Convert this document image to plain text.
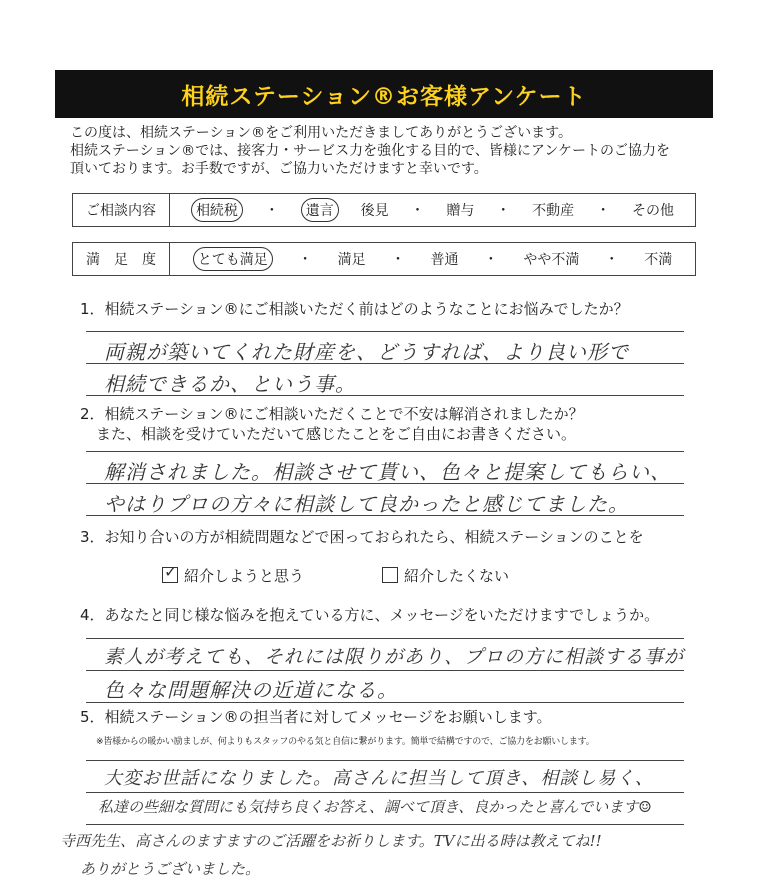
相続ステーション®お客様アンケート
この度は、相続ステーション®をご利用いただきましてありがとうございます。
相続ステーション®では、接客力・サービス力を強化する目的で、皆様にアンケートのご協力を
頂いております。お手数ですが、ご協力いただけますと幸いです。
ご相談内容	相続税	・	遺言	後見 ・ 贈与 ・ 不動産 ・ その他
満　足　度	とても満足	・ 満足 ・ 普通 ・ やや不満 ・ 不満
1．相続ステーション®にご相談いただく前はどのようなことにお悩みでしたか？
両親が築いてくれた財産を、どうすれば、より良い形で
相続できるか、という事。
2．相続ステーション®にご相談いただくことで不安は解消されましたか？
また、相談を受けていただいて感じたことをご自由にお書きください。
解消されました。相談させて貰い、色々と提案してもらい、
やはりプロの方々に相談して良かったと感じてました。
3．お知り合いの方が相続問題などで困っておられたら、相続ステーションのことを
✓ 紹介しようと思う	紹介したくない
4．あなたと同じ様な悩みを抱えている方に、メッセージをいただけますでしょうか。
素人が考えても、それには限りがあり、プロの方に相談する事が
色々な問題解決の近道になる。
5．相続ステーション®の担当者に対してメッセージをお願いします。
※皆様からの暖かい励ましが、何よりもスタッフのやる気と自信に繋がります。簡単で結構ですので、ご協力をお願いします。
大変お世話になりました。高さんに担当して頂き、相談し易く、
私達の些細な質問にも気持ち良くお答え、調べて頂き、良かったと喜んでいます☺
寺西先生、高さんのますますのご活躍をお祈りします。TVに出る時は教えてね!!
ありがとうございました。
